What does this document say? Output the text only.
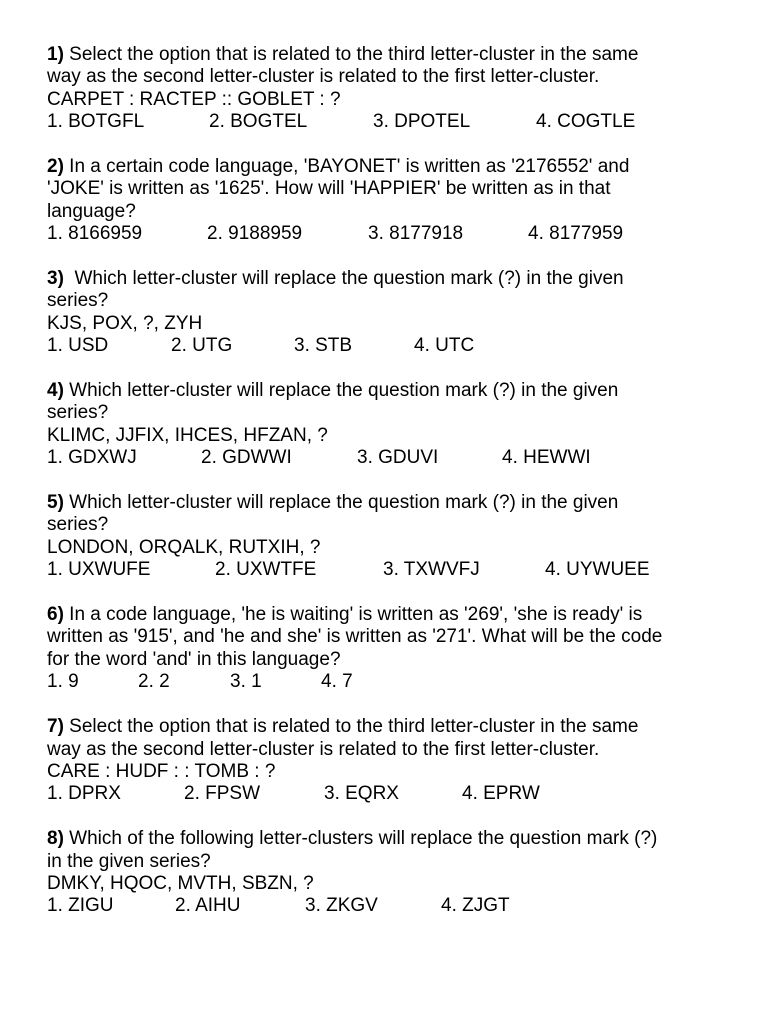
1) Select the option that is related to the third letter-cluster in the same
way as the second letter-cluster is related to the first letter-cluster.
CARPET : RACTEP :: GOBLET : ?
1. BOTGFL	2. BOGTEL	3. DPOTEL	4. COGTLE
2) In a certain code language, 'BAYONET' is written as '2176552' and
'JOKE' is written as '1625'. How will 'HAPPIER' be written as in that
language?
1. 8166959	2. 9188959	3. 8177918	4. 8177959
3)  Which letter-cluster will replace the question mark (?) in the given
series?
KJS, POX, ?, ZYH
1. USD	2. UTG	3. STB	4. UTC
4) Which letter-cluster will replace the question mark (?) in the given
series?
KLIMC, JJFIX, IHCES, HFZAN, ?
1. GDXWJ	2. GDWWI	3. GDUVI	4. HEWWI
5) Which letter-cluster will replace the question mark (?) in the given
series?
LONDON, ORQALK, RUTXIH, ?
1. UXWUFE	2. UXWTFE	3. TXWVFJ	4. UYWUEE
6) In a code language, 'he is waiting' is written as '269', 'she is ready' is
written as '915', and 'he and she' is written as '271'. What will be the code
for the word 'and' in this language?
1. 9	2. 2	3. 1	4. 7
7) Select the option that is related to the third letter-cluster in the same
way as the second letter-cluster is related to the first letter-cluster.
CARE : HUDF : : TOMB : ?
1. DPRX	2. FPSW	3. EQRX	4. EPRW
8) Which of the following letter-clusters will replace the question mark (?)
in the given series?
DMKY, HQOC, MVTH, SBZN, ?
1. ZIGU	2. AIHU	3. ZKGV	4. ZJGT
